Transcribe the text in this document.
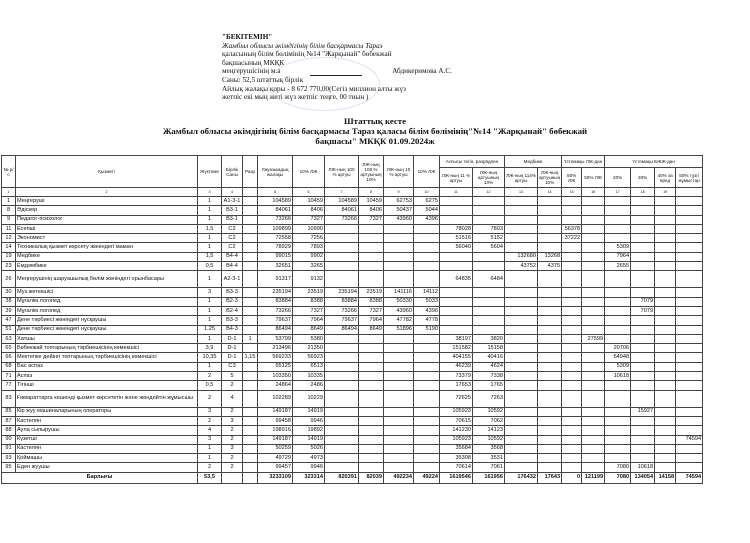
"БЕКІТЕМІН"
Жамбыл облысы әкімдігінің білім басқармасы Тараз
қаласының білім бөлімінің №14 "Жарқынай" бөбекжай
бақшасының МКҚК
меңгерушісінің м.а	Абдикеримова А.С.
Саны: 52,5 штаттық бірлік
Айлық жалақы қоры - 8 672 770,00(Сегіз миллион алты жүз
жетпіс екі мың жеті жүз жетпіс теңге, 00 тиын )
Штаттық кесте
Жамбыл облысы әкімдігінің білім басқармасы Тараз қаласы білім бөлімінің"№14 "Жарқынай" бөбекжай
бақшасы" МКҚК 01.09.2024ж
№ р/с	Қызметі	Жүктеме	Бірлік Саны	Разр	Лауазымдық жалақы	10% ЛЖ	ЛЖ-ның 100 % артуы	ЛЖ-ның 100 % артуының 10%	ЛЖ-ның 10 % артуы	10% ЛЖ	Алғысы тегін, разрядпен		Медбике		Үстемақы ЛЖ-дан		Үстемақы БЖЖ-дан			
											ЛЖ-ның 11 % артуы	ЛЖ-ның артуының 10%	ЛЖ-ның 114% артуы	ЛЖ-ның артуының 10%	50% ЛЖ	50% ЛЖ	20%	30%	40% за вред	50% тұзгі жұмыстар
1	2	3	4		5	6	7	8	9	10	11	12	13	14	15	16	17	18	19	
1	Меңгеруші	1	А1-3-1		104589	10459	104589	10459	62753	6275										
8	Әдіскер	1	В3-1		84061	8406	84061	8406	50437	5044										
9	Педагог-психолог	1	В3-1		73266	7327	73266	7327	43960	4396										
11	Есепші	1,5	С2		109899	10990					78028	7803			56378					
12	Экономист	1	С2		72558	7256					51516	5152			37222					
14	Техникалық қызмет көрсету жөніндегі маман	1	С2		78929	7893					56040	5604					5309			
19	Медбике	1,5	В4-4		99015	9902							132680	13268			7964			
23	Емдәмбике	0,5	В4-4		32651	3265							43752	4375			2655			
26	Меңгерушінің шаруашылық бөлім жөніндегі орынбасары	1	А2-3-1		91317	9132					64835	6484								
30	Муз.жетекшісі	3	В3-3		235194	23519	235194	23519	141116	14112										
38	Мұғалім логопед	1	В2-3		83884	8388	83884	8388	50330	5033								7079		
39	Мұғалім логопед	1	В2-4		73266	7327	73266	7327	43960	4396								7079		
47	Дене тәрбиесі жөніндегі нұсқаушы	1	В3-3		79637	7964	79637	7964	47782	4778										
51	Дене тәрбиесі жөніндегі нұсқаушы	1,25	В4-3		86494	8649	86494	8649	51896	5190										
63	Хатшы	1	D-1	1	53799	5380					38197	3820				27599				
65	Бөбекжай топтарының тәрбиешісінің көмекшісі	3,9	D-1		213496	21350					151582	15158					20706			
66	Мектепке дейінгі топтарының тәрбиешісінің көмекшісі	10,35	D-1	1,15	569233	56923					404155	40416					54948			
68	Бас аспаз	1	С3		65125	6513					46239	4624					5309			
71	Аспаз	2	5		103350	10335					73379	7338					10618			
77	Тігінші	0,5	2		24864	2486					17653	1765								
83	Ғимараттарға кешенді қызмет көрсететін және жөндейтін жұмысшы	2	4		102289	10229					72625	7263								
85	Кір жуу машиналарының операторы	3	2		149187	14919					105923	10592						15927		
87	Кастелян	2	3		99458	9946					70615	7062								
88	Аула сыпырушы	4	2		198916	19892					141230	14123								
90	Күзетші	3	2		149187	14919					105923	10592								74594
91	Кастелян	1	3		50259	5026					35684	3568								
93	Қоймашы	1	2		49729	4973					35308	3531								
95	Еден жуушы	2	2		99457	9946					70614	7061					7080	10618		
Барлығы		53,5			3233109	323314	820391	82039	492234	49224	1619546	161956	176432	17643	0	121199	7080	134054	14158	74594
